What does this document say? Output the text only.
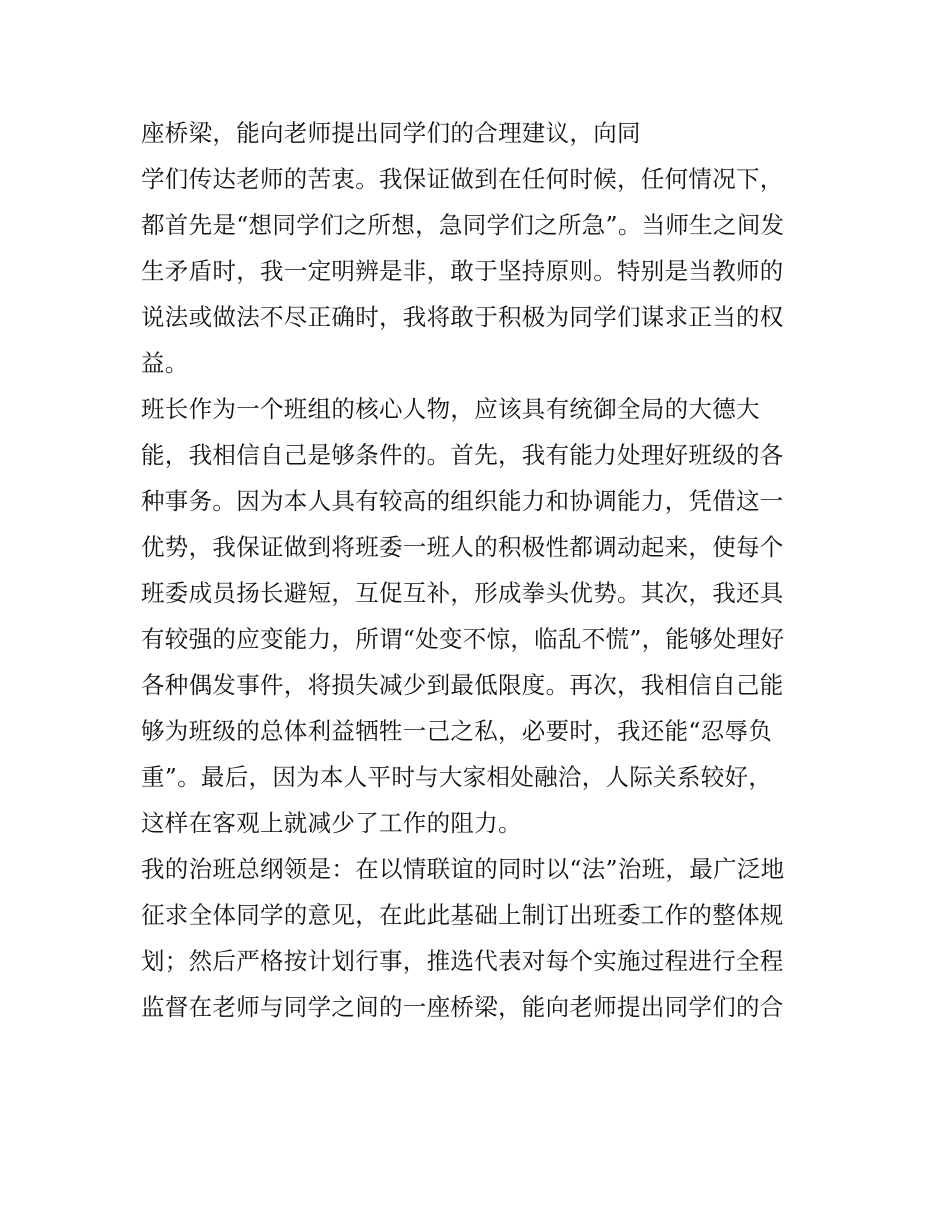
座桥梁，能向老师提出同学们的合理建议，向同
学们传达老师的苦衷。我保证做到在任何时候，任何情况下，
都首先是“想同学们之所想，急同学们之所急”。当师生之间发
生矛盾时，我一定明辨是非，敢于坚持原则。特别是当教师的
说法或做法不尽正确时，我将敢于积极为同学们谋求正当的权
益。
班长作为一个班组的核心人物，应该具有统御全局的大德大
能，我相信自己是够条件的。首先，我有能力处理好班级的各
种事务。因为本人具有较高的组织能力和协调能力，凭借这一
优势，我保证做到将班委一班人的积极性都调动起来，使每个
班委成员扬长避短，互促互补，形成拳头优势。其次，我还具
有较强的应变能力，所谓“处变不惊，临乱不慌”，能够处理好
各种偶发事件，将损失减少到最低限度。再次，我相信自己能
够为班级的总体利益牺牲一己之私，必要时，我还能“忍辱负
重”。最后，因为本人平时与大家相处融洽，人际关系较好，
这样在客观上就减少了工作的阻力。
我的治班总纲领是：在以情联谊的同时以“法”治班，最广泛地
征求全体同学的意见，在此此基础上制订出班委工作的整体规
划；然后严格按计划行事，推选代表对每个实施过程进行全程
监督在老师与同学之间的一座桥梁，能向老师提出同学们的合
